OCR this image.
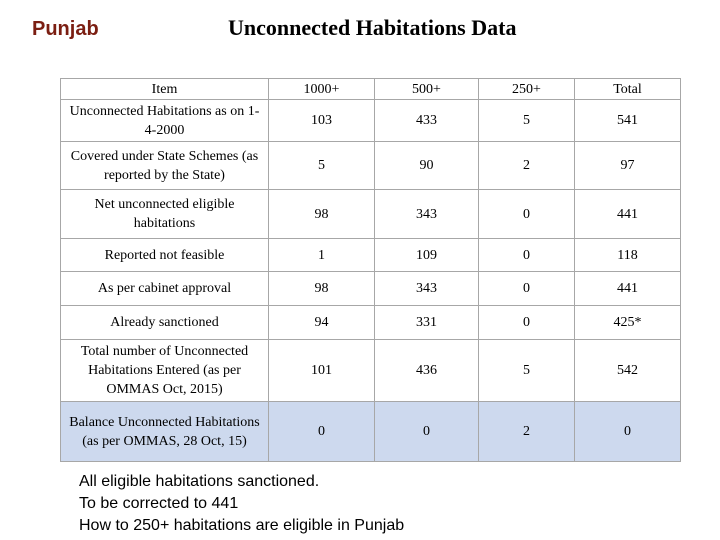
Punjab	Unconnected Habitations Data
Item	1000+	500+	250+	Total
Unconnected Habitations as on 1-4-2000	103	433	5	541
Covered under State Schemes (as reported by the State)	5	90	2	97
Net unconnected eligible habitations	98	343	0	441
Reported not feasible	1	109	0	118
As per cabinet approval	98	343	0	441
Already sanctioned	94	331	0	425*
Total number of Unconnected Habitations Entered (as per OMMAS Oct, 2015)	101	436	5	542
Balance Unconnected Habitations (as per OMMAS, 28 Oct, 15)	0	0	2	0
All eligible habitations sanctioned.
To be corrected to 441
How to 250+ habitations are eligible in Punjab
